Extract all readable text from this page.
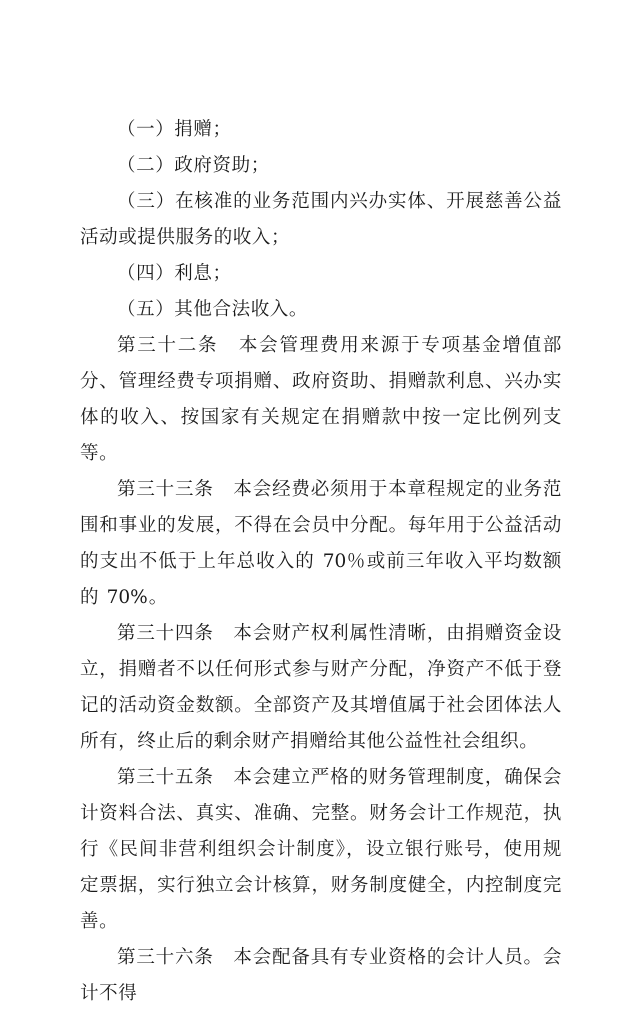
（一）捐赠；

（二）政府资助；

（三）在核准的业务范围内兴办实体、开展慈善公益活动或提供服务的收入；

（四）利息；

（五）其他合法收入。

第三十二条 本会管理费用来源于专项基金增值部分、管理经费专项捐赠、政府资助、捐赠款利息、兴办实体的收入、按国家有关规定在捐赠款中按一定比例列支等。

第三十三条 本会经费必须用于本章程规定的业务范围和事业的发展，不得在会员中分配。每年用于公益活动的支出不低于上年总收入的 70％或前三年收入平均数额的 70%。

第三十四条 本会财产权利属性清晰，由捐赠资金设立，捐赠者不以任何形式参与财产分配，净资产不低于登记的活动资金数额。全部资产及其增值属于社会团体法人所有，终止后的剩余财产捐赠给其他公益性社会组织。

第三十五条 本会建立严格的财务管理制度，确保会计资料合法、真实、准确、完整。财务会计工作规范，执行《民间非营利组织会计制度》，设立银行账号，使用规定票据，实行独立会计核算，财务制度健全，内控制度完善。

第三十六条 本会配备具有专业资格的会计人员。会计不得
